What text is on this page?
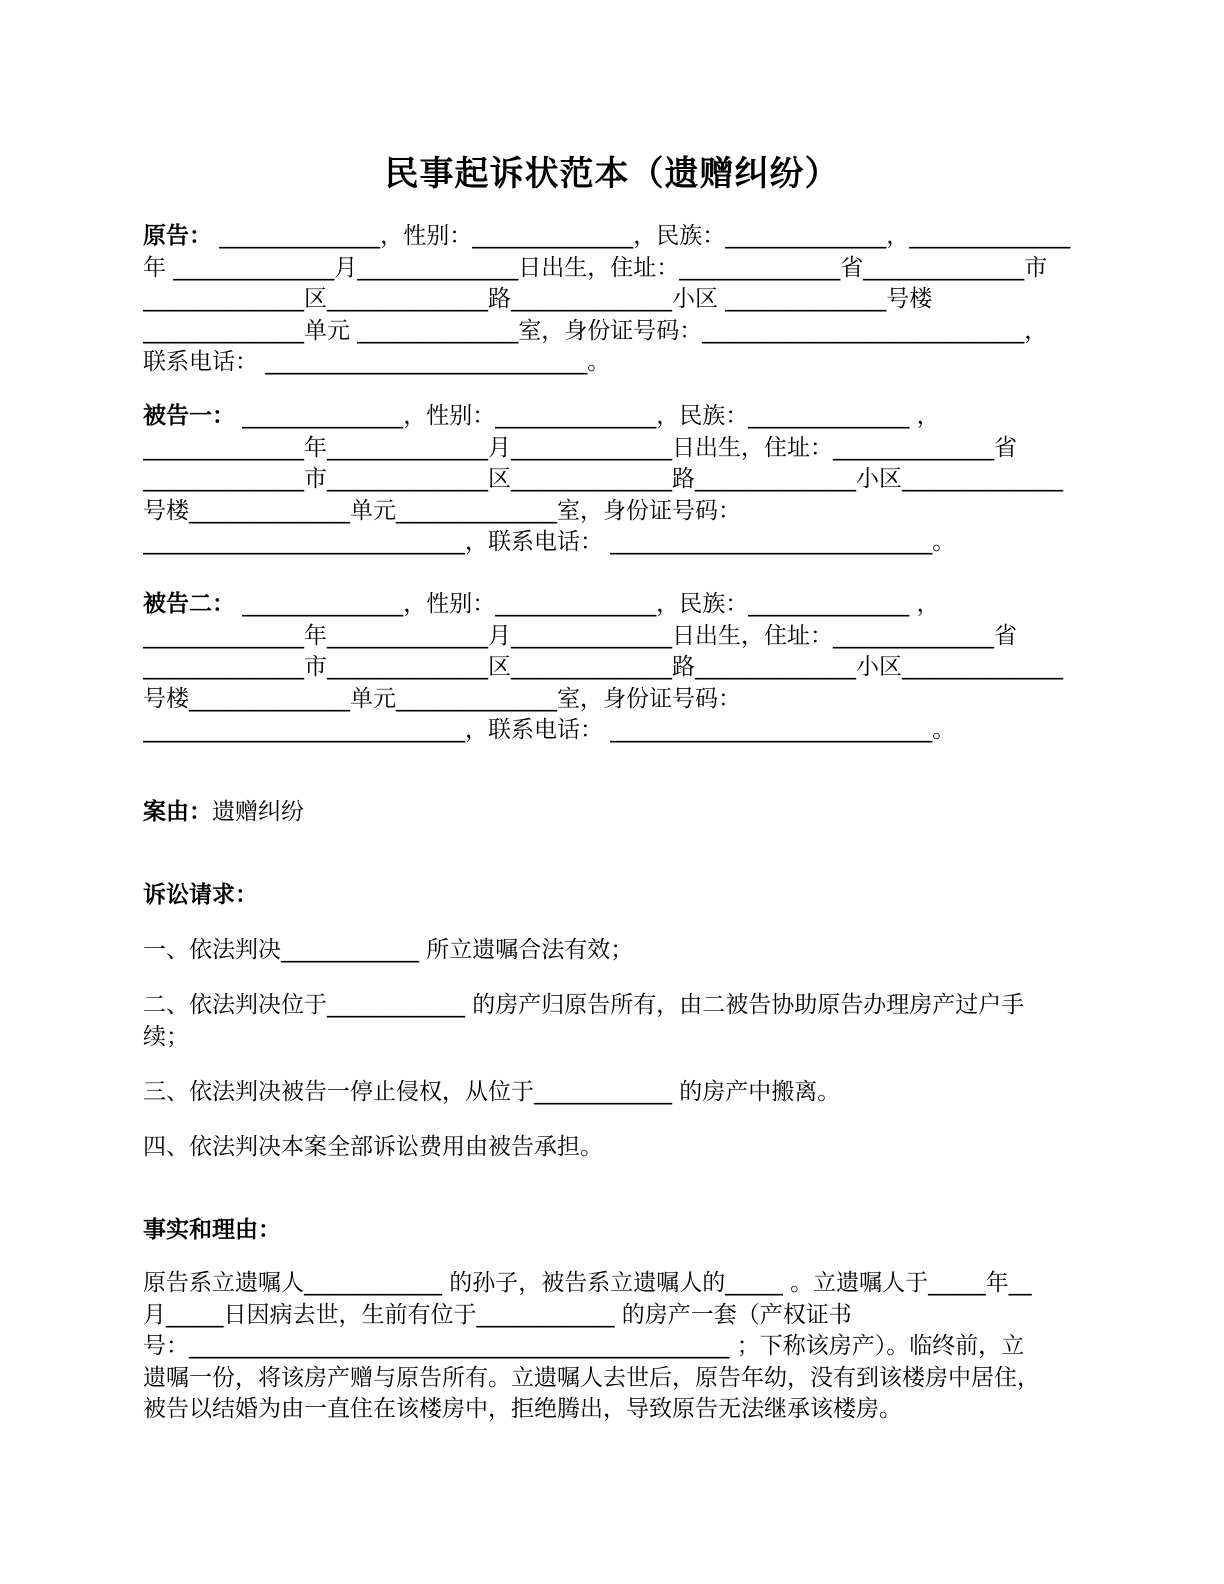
民事起诉状范本（遗赠纠纷）
原告： ______________，性别：______________，民族：______________，______________
年 ______________月______________日出生，住址：______________省______________市
______________区______________路______________小区 ______________号楼
______________单元 ______________室，身份证号码：____________________________，
联系电话： ____________________________。
被告一： ______________，性别：______________，民族：______________ ，
______________年______________月______________日出生，住址：______________省
______________市______________区______________路______________小区______________
号楼______________单元______________室，身份证号码：
____________________________，联系电话： ____________________________。
被告二： ______________，性别：______________，民族：______________ ，
______________年______________月______________日出生，住址：______________省
______________市______________区______________路______________小区______________
号楼______________单元______________室，身份证号码：
____________________________，联系电话： ____________________________。
案由：遗赠纠纷

诉讼请求：

一、依法判决____________ 所立遗嘱合法有效；

二、依法判决位于____________ 的房产归原告所有，由二被告协助原告办理房产过户手
续；

三、依法判决被告一停止侵权，从位于____________ 的房产中搬离。

四、依法判决本案全部诉讼费用由被告承担。

事实和理由：

原告系立遗嘱人____________ 的孙子，被告系立遗嘱人的_____ 。立遗嘱人于_____年__
月_____日因病去世，生前有位于____________ 的房产一套（产权证书
号：_______________________________________________ ；下称该房产）。临终前，立
遗嘱一份，将该房产赠与原告所有。立遗嘱人去世后，原告年幼，没有到该楼房中居住，
被告以结婚为由一直住在该楼房中，拒绝腾出，导致原告无法继承该楼房。
